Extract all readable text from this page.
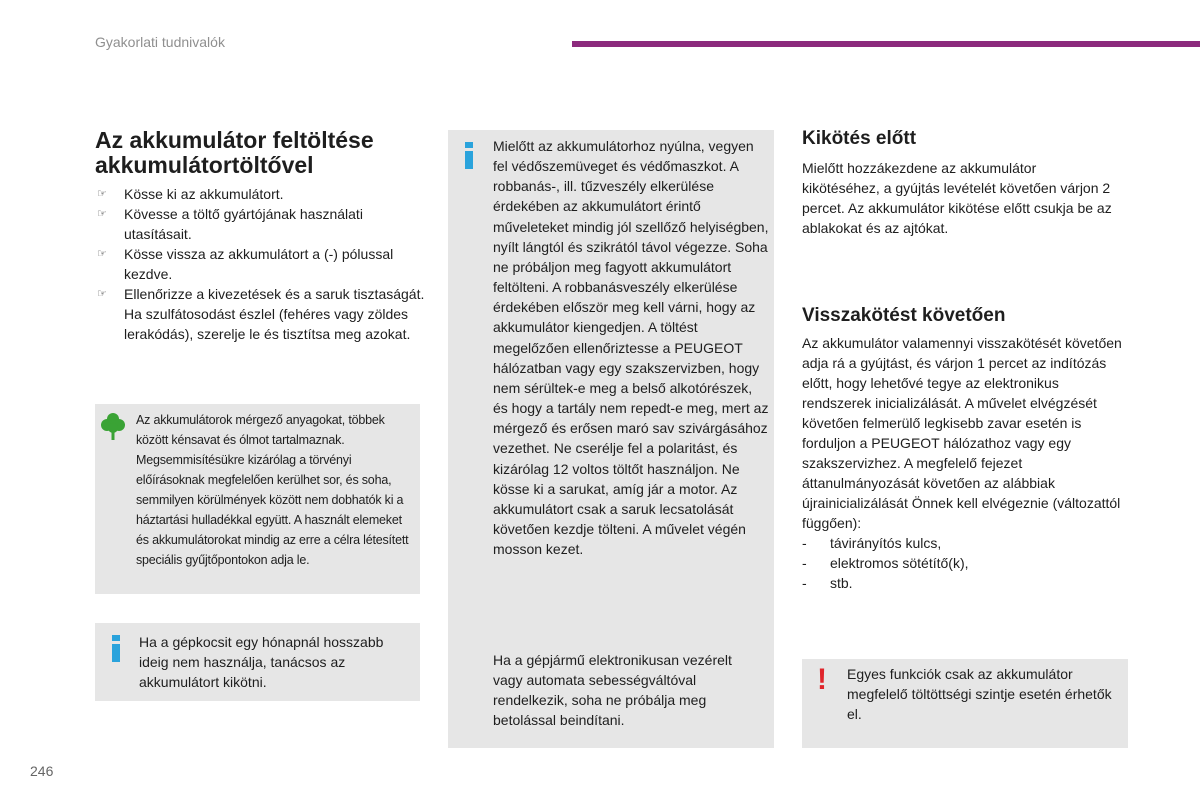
Gyakorlati tudnivalók
Az akkumulátor feltöltése
akkumulátortöltővel
☞ Kösse ki az akkumulátort.
☞ Kövesse a töltő gyártójának használati utasításait.
☞ Kösse vissza az akkumulátort a (-) pólussal kezdve.
☞ Ellenőrizze a kivezetések és a saruk tisztaságát. Ha szulfátosodást észlel (fehéres vagy zöldes lerakódás), szerelje le és tisztítsa meg azokat.
Az akkumulátorok mérgező anyagokat, többek között kénsavat és ólmot tartalmaznak. Megsemmisítésükre kizárólag a törvényi előírásoknak megfelelően kerülhet sor, és soha, semmilyen körülmények között nem dobhatók ki a háztartási hulladékkal együtt. A használt elemeket és akkumulátorokat mindig az erre a célra létesített speciális gyűjtőpontokon adja le.
Ha a gépkocsit egy hónapnál hosszabb ideig nem használja, tanácsos az akkumulátort kikötni.
Mielőtt az akkumulátorhoz nyúlna, vegyen fel védőszemüveget és védőmaszkot. A robbanás-, ill. tűzveszély elkerülése érdekében az akkumulátort érintő műveleteket mindig jól szellőző helyiségben, nyílt lángtól és szikrától távol végezze. Soha ne próbáljon meg fagyott akkumulátort feltölteni. A robbanásveszély elkerülése érdekében először meg kell várni, hogy az akkumulátor kiengedjen. A töltést megelőzően ellenőriztesse a PEUGEOT hálózatban vagy egy szakszervizben, hogy nem sérültek-e meg a belső alkotórészek, és hogy a tartály nem repedt-e meg, mert az mérgező és erősen maró sav szivárgásához vezethet. Ne cserélje fel a polaritást, és kizárólag 12 voltos töltőt használjon. Ne kösse ki a sarukat, amíg jár a motor. Az akkumulátort csak a saruk lecsatolását követően kezdje tölteni. A művelet végén mosson kezet.
Ha a gépjármű elektronikusan vezérelt vagy automata sebességváltóval rendelkezik, soha ne próbálja meg betolással beindítani.
Kikötés előtt
Mielőtt hozzákezdene az akkumulátor kikötéséhez, a gyújtás levételét követően várjon 2 percet. Az akkumulátor kikötése előtt csukja be az ablakokat és az ajtókat.
Visszakötést követően
Az akkumulátor valamennyi visszakötését követően adja rá a gyújtást, és várjon 1 percet az indítózás előtt, hogy lehetővé tegye az elektronikus rendszerek inicializálását. A művelet elvégzését követően felmerülő legkisebb zavar esetén is forduljon a PEUGEOT hálózathoz vagy egy szakszervizhez. A megfelelő fejezet áttanulmányozását követően az alábbiak újrainicializálását Önnek kell elvégeznie (változattól függően):
- távirányítós kulcs,
- elektromos sötétítő(k),
- stb.
! Egyes funkciók csak az akkumulátor megfelelő töltöttségi szintje esetén érhetők el.
246
